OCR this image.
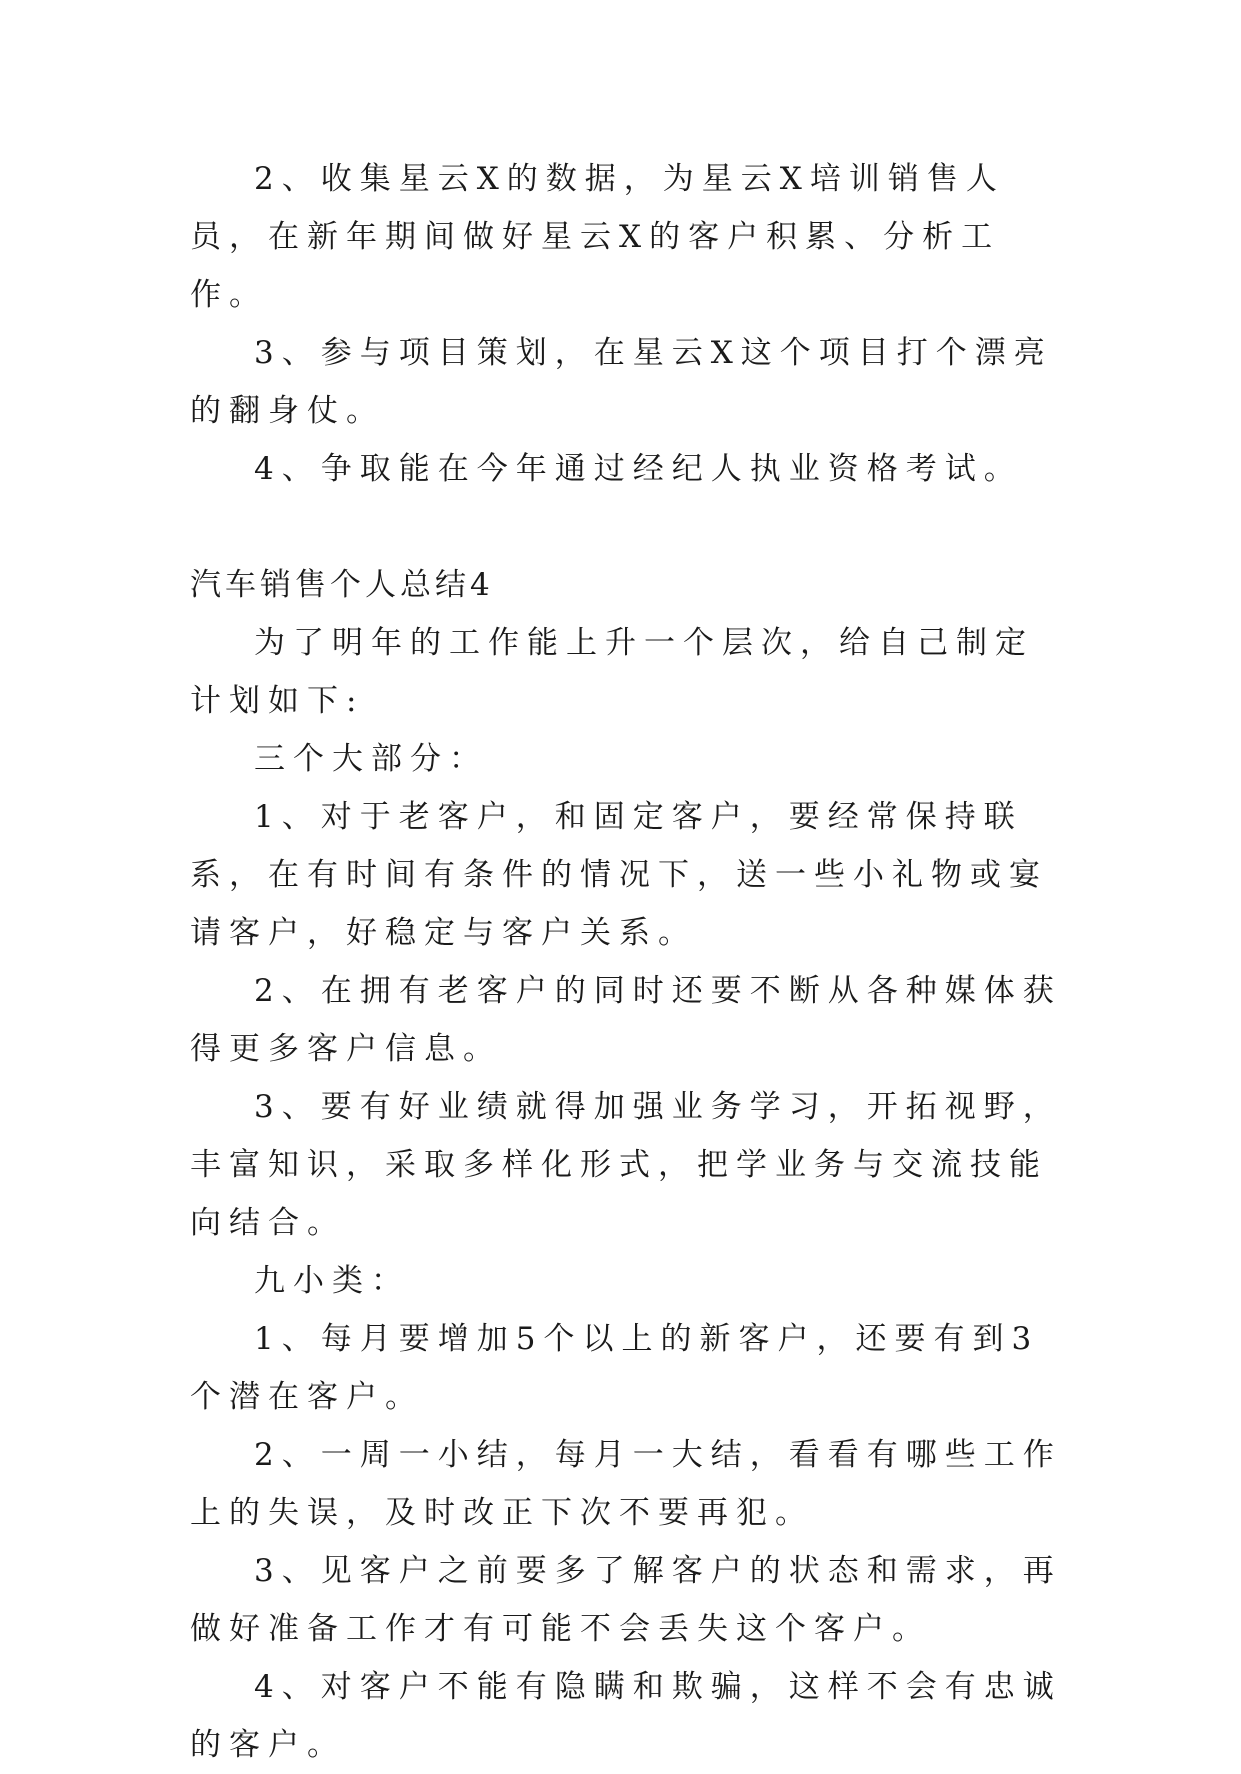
2、收集星云X的数据，为星云X培训销售人员，在新年期间做好星云X的客户积累、分析工作。

3、参与项目策划，在星云X这个项目打个漂亮的翻身仗。

4、争取能在今年通过经纪人执业资格考试。

汽车销售个人总结4

为了明年的工作能上升一个层次，给自己制定计划如下:

三个大部分：

1、对于老客户，和固定客户，要经常保持联系，在有时间有条件的情况下，送一些小礼物或宴请客户，好稳定与客户关系。

2、在拥有老客户的同时还要不断从各种媒体获得更多客户信息。

3、要有好业绩就得加强业务学习，开拓视野，丰富知识，采取多样化形式，把学业务与交流技能向结合。

九小类：

1、每月要增加5个以上的新客户，还要有到3个潜在客户。

2、一周一小结，每月一大结，看看有哪些工作上的失误，及时改正下次不要再犯。

3、见客户之前要多了解客户的状态和需求，再做好准备工作才有可能不会丢失这个客户。

4、对客户不能有隐瞒和欺骗，这样不会有忠诚的客户。
